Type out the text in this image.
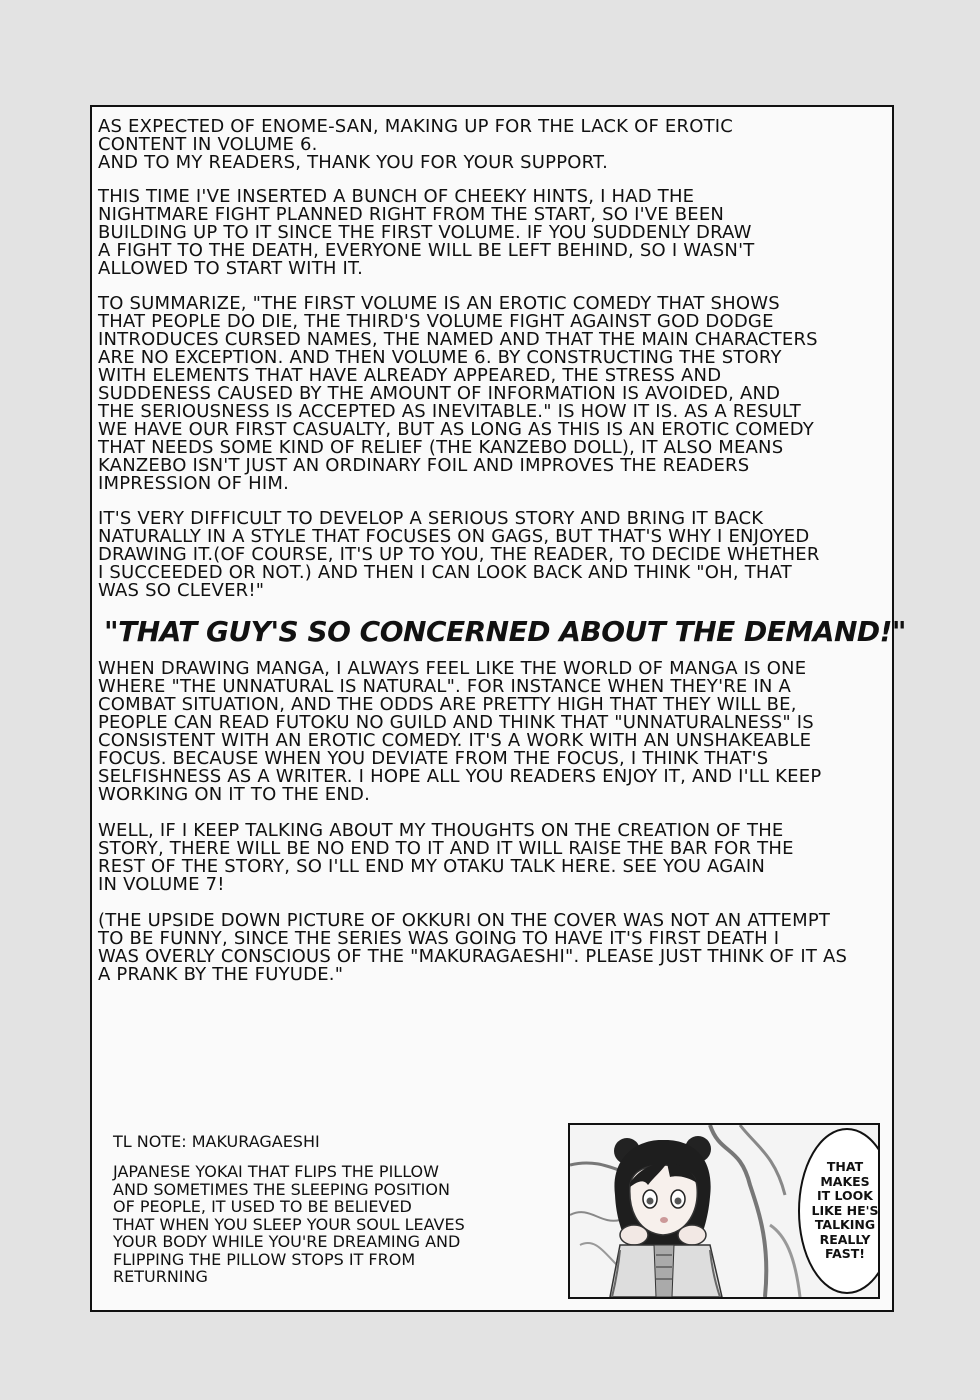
AS EXPECTED OF ENOME-SAN, MAKING UP FOR THE LACK OF EROTIC
CONTENT IN VOLUME 6.
AND TO MY READERS, THANK YOU FOR YOUR SUPPORT.

THIS TIME I'VE INSERTED A BUNCH OF CHEEKY HINTS, I HAD THE
NIGHTMARE FIGHT PLANNED RIGHT FROM THE START, SO I'VE BEEN
BUILDING UP TO IT SINCE THE FIRST VOLUME. IF YOU SUDDENLY DRAW
A FIGHT TO THE DEATH, EVERYONE WILL BE LEFT BEHIND, SO I WASN'T
ALLOWED TO START WITH IT.

TO SUMMARIZE, "THE FIRST VOLUME IS AN EROTIC COMEDY THAT SHOWS
THAT PEOPLE DO DIE, THE THIRD'S VOLUME FIGHT AGAINST GOD DODGE
INTRODUCES CURSED NAMES, THE NAMED AND THAT THE MAIN CHARACTERS
ARE NO EXCEPTION. AND THEN VOLUME 6. BY CONSTRUCTING THE STORY
WITH ELEMENTS THAT HAVE ALREADY APPEARED, THE STRESS AND
SUDDENESS CAUSED BY THE AMOUNT OF INFORMATION IS AVOIDED, AND
THE SERIOUSNESS IS ACCEPTED AS INEVITABLE." IS HOW IT IS. AS A RESULT
WE HAVE OUR FIRST CASUALTY, BUT AS LONG AS THIS IS AN EROTIC COMEDY
THAT NEEDS SOME KIND OF RELIEF (THE KANZEBO DOLL), IT ALSO MEANS
KANZEBO ISN'T JUST AN ORDINARY FOIL AND IMPROVES THE READERS
IMPRESSION OF HIM.

IT'S VERY DIFFICULT TO DEVELOP A SERIOUS STORY AND BRING IT BACK
NATURALLY IN A STYLE THAT FOCUSES ON GAGS, BUT THAT'S WHY I ENJOYED
DRAWING IT.(OF COURSE, IT'S UP TO YOU, THE READER, TO DECIDE WHETHER
I SUCCEEDED OR NOT.) AND THEN I CAN LOOK BACK AND THINK "OH, THAT
WAS SO CLEVER!"

"THAT GUY'S SO CONCERNED ABOUT THE DEMAND!"

WHEN DRAWING MANGA, I ALWAYS FEEL LIKE THE WORLD OF MANGA IS ONE
WHERE "THE UNNATURAL IS NATURAL". FOR INSTANCE WHEN THEY'RE IN A
COMBAT SITUATION, AND THE ODDS ARE PRETTY HIGH THAT THEY WILL BE,
PEOPLE CAN READ FUTOKU NO GUILD AND THINK THAT "UNNATURALNESS" IS
CONSISTENT WITH AN EROTIC COMEDY. IT'S A WORK WITH AN UNSHAKEABLE
FOCUS. BECAUSE WHEN YOU DEVIATE FROM THE FOCUS, I THINK THAT'S
SELFISHNESS AS A WRITER. I HOPE ALL YOU READERS ENJOY IT, AND I'LL KEEP
WORKING ON IT TO THE END.

WELL, IF I KEEP TALKING ABOUT MY THOUGHTS ON THE CREATION OF THE
STORY, THERE WILL BE NO END TO IT AND IT WILL RAISE THE BAR FOR THE
REST OF THE STORY, SO I'LL END MY OTAKU TALK HERE. SEE YOU AGAIN
IN VOLUME 7!

(THE UPSIDE DOWN PICTURE OF OKKURI ON THE COVER WAS NOT AN ATTEMPT
TO BE FUNNY, SINCE THE SERIES WAS GOING TO HAVE IT'S FIRST DEATH I
WAS OVERLY CONSCIOUS OF THE "MAKURAGAESHI". PLEASE JUST THINK OF IT AS
A PRANK BY THE FUYUDE."

TL NOTE: MAKURAGAESHI
JAPANESE YOKAI THAT FLIPS THE PILLOW
AND SOMETIMES THE SLEEPING POSITION
OF PEOPLE, IT USED TO BE BELIEVED
THAT WHEN YOU SLEEP YOUR SOUL LEAVES
YOUR BODY WHILE YOU'RE DREAMING AND
FLIPPING THE PILLOW STOPS IT FROM
RETURNING
THAT
MAKES
IT LOOK
LIKE HE'S
TALKING
REALLY
FAST!
